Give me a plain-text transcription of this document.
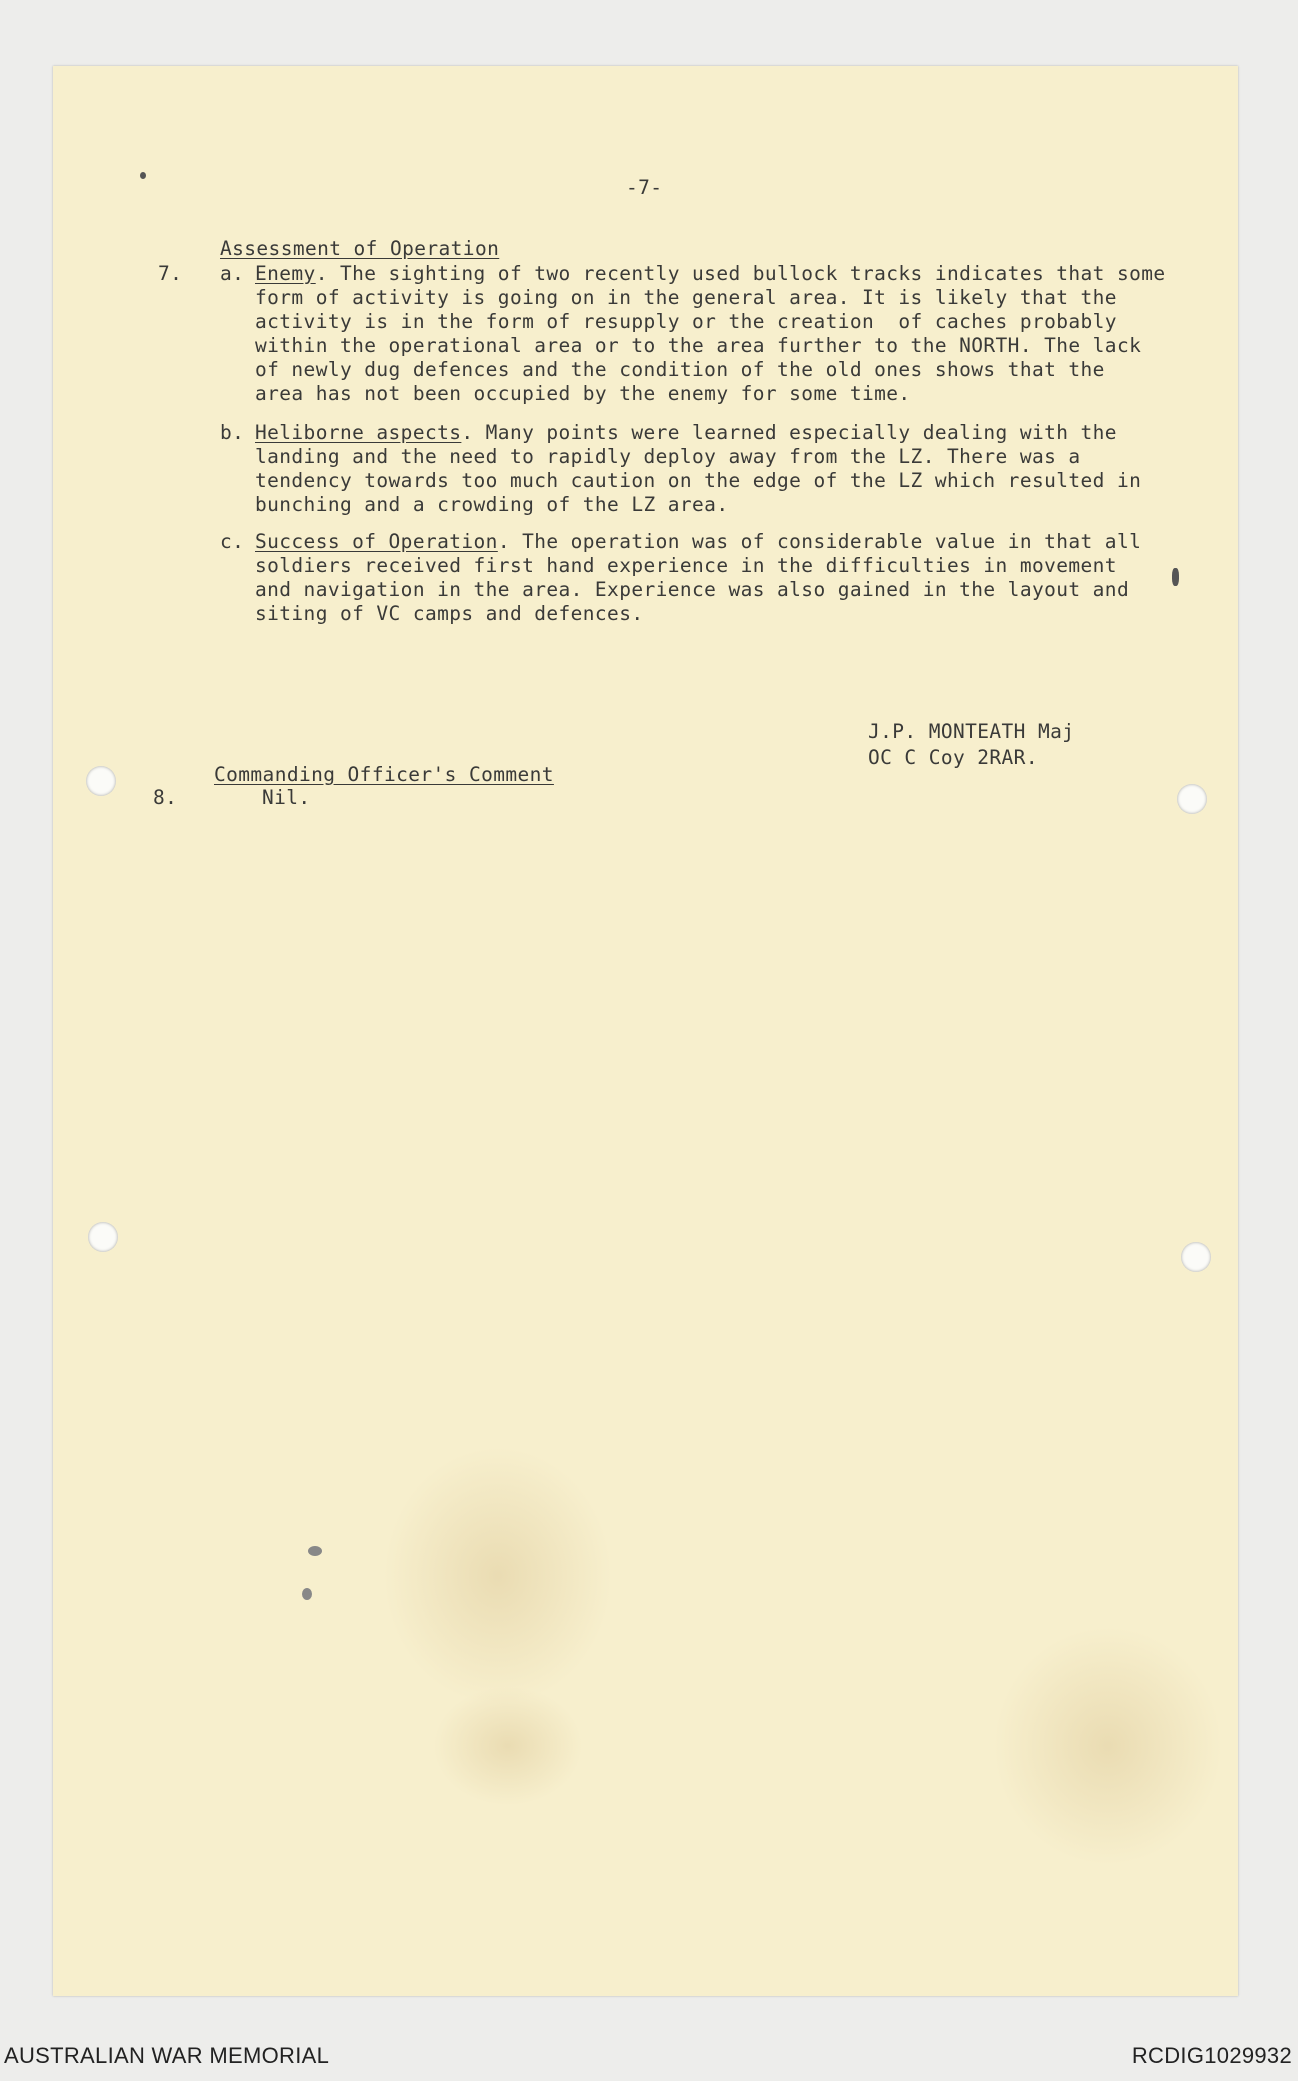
-7-
Assessment of Operation
7. a. Enemy. The sighting of two recently used bullock tracks indicates that some
form of activity is going on in the general area. It is likely that the
activity is in the form of resupply or the creation  of caches probably
within the operational area or to the area further to the NORTH. The lack
of newly dug defences and the condition of the old ones shows that the
area has not been occupied by the enemy for some time.
b. Heliborne aspects. Many points were learned especially dealing with the
landing and the need to rapidly deploy away from the LZ. There was a
tendency towards too much caution on the edge of the LZ which resulted in
bunching and a crowding of the LZ area.
c. Success of Operation. The operation was of considerable value in that all
soldiers received first hand experience in the difficulties in movement
and navigation in the area. Experience was also gained in the layout and
siting of VC camps and defences.
J.P. MONTEATH Maj
OC C Coy 2RAR.
Commanding Officer's Comment
8.	Nil.
AUSTRALIAN WAR MEMORIAL	RCDIG1029932
